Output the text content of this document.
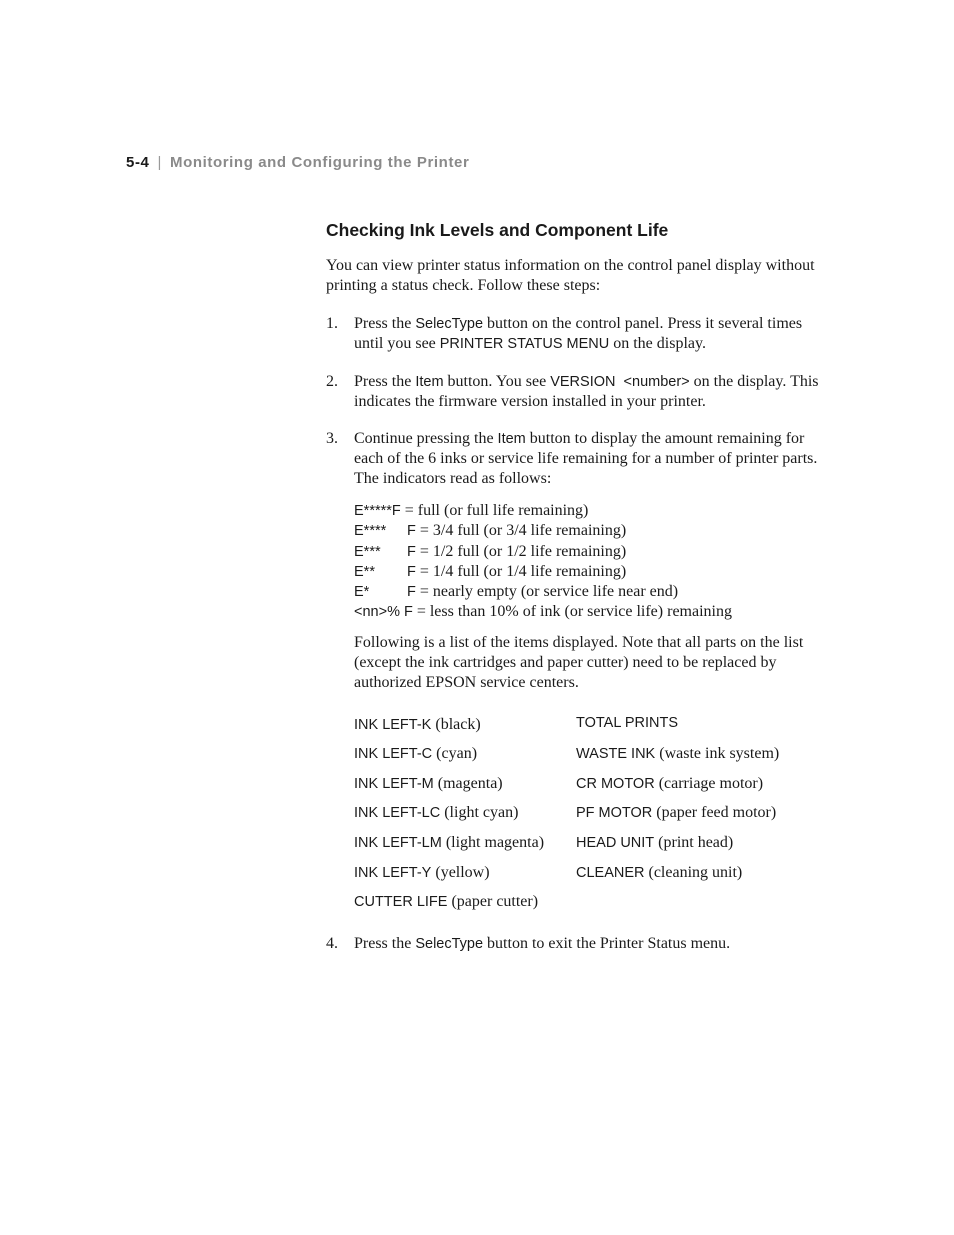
5-4 | Monitoring and Configuring the Printer
Checking Ink Levels and Component Life
You can view printer status information on the control panel display without
printing a status check. Follow these steps:
1. Press the SelecType button on the control panel. Press it several times until you see PRINTER STATUS MENU on the display.

2. Press the Item button. You see VERSION  <number> on the display. This indicates the firmware version installed in your printer.

3. Continue pressing the Item button to display the amount remaining for each of the 6 inks or service life remaining for a number of printer parts. The indicators read as follows:

E*****F = full (or full life remaining)
E**** F = 3/4 full (or 3/4 life remaining)
E*** F = 1/2 full (or 1/2 life remaining)
E** F = 1/4 full (or 1/4 life remaining)
E*	F = nearly empty (or service life near end)
<nn>% F = less than 10% of ink (or service life) remaining
Following is a list of the items displayed. Note that all parts on the list
(except the ink cartridges and paper cutter) need to be replaced by
authorized EPSON service centers.
INK LEFT-K (black)
INK LEFT-C (cyan)
INK LEFT-M (magenta)
INK LEFT-LC (light cyan)
INK LEFT-LM (light magenta)
INK LEFT-Y (yellow)
CUTTER LIFE (paper cutter)
TOTAL PRINTS
WASTE INK (waste ink system)
CR MOTOR (carriage motor)
PF MOTOR (paper feed motor)
HEAD UNIT (print head)
CLEANER (cleaning unit)
4. Press the SelecType button to exit the Printer Status menu.
